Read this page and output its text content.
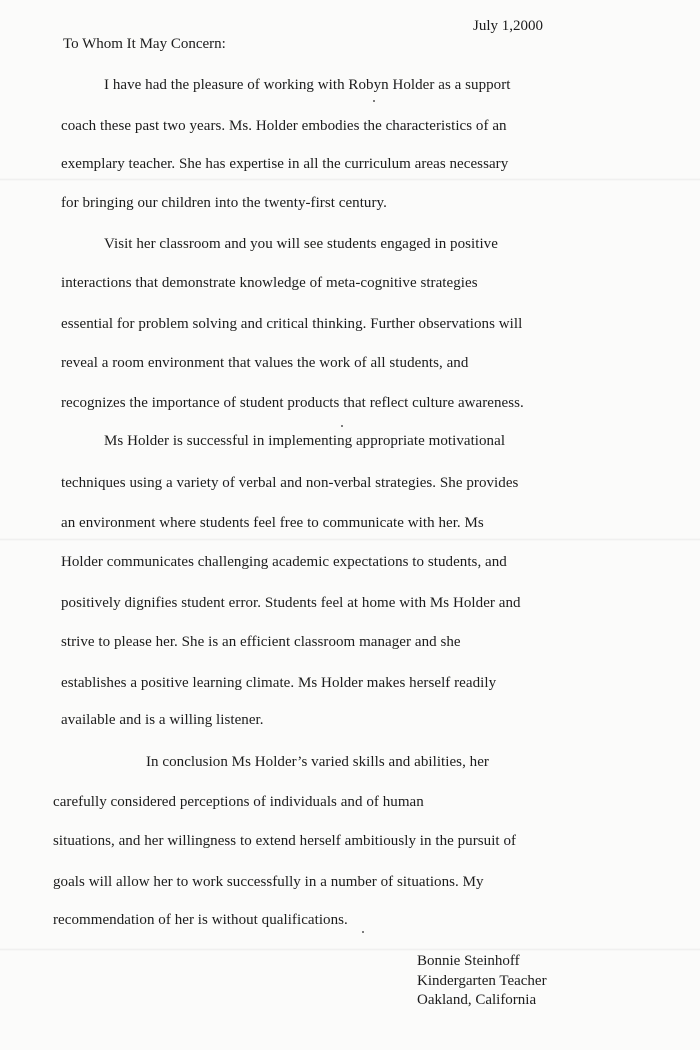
July 1,2000
To Whom It May Concern:
I have had the pleasure of working with Robyn Holder as a support
coach these past two years. Ms. Holder embodies the characteristics of an
exemplary teacher. She has expertise in all the curriculum areas necessary
for bringing our children into the twenty-first century.
Visit her classroom and you will see students engaged in positive
interactions that demonstrate knowledge of meta-cognitive strategies
essential for problem solving and critical thinking. Further observations will
reveal a room environment that values the work of all students, and
recognizes the importance of student products that reflect culture awareness.
Ms Holder is successful in implementing appropriate motivational
techniques using a variety of verbal and non-verbal strategies. She provides
an environment where students feel free to communicate with her. Ms
Holder communicates challenging academic expectations to students, and
positively dignifies student error. Students feel at home with Ms Holder and
strive to please her. She is an efficient classroom manager and she
establishes a positive learning climate. Ms Holder makes herself readily
available and is a willing listener.
In conclusion Ms Holder’s varied skills and abilities, her
carefully considered perceptions of individuals and of human
situations, and her willingness to extend herself ambitiously in the pursuit of
goals will allow her to work successfully in a number of situations. My
recommendation of her is without qualifications.
Bonnie Steinhoff
Kindergarten Teacher
Oakland, California
